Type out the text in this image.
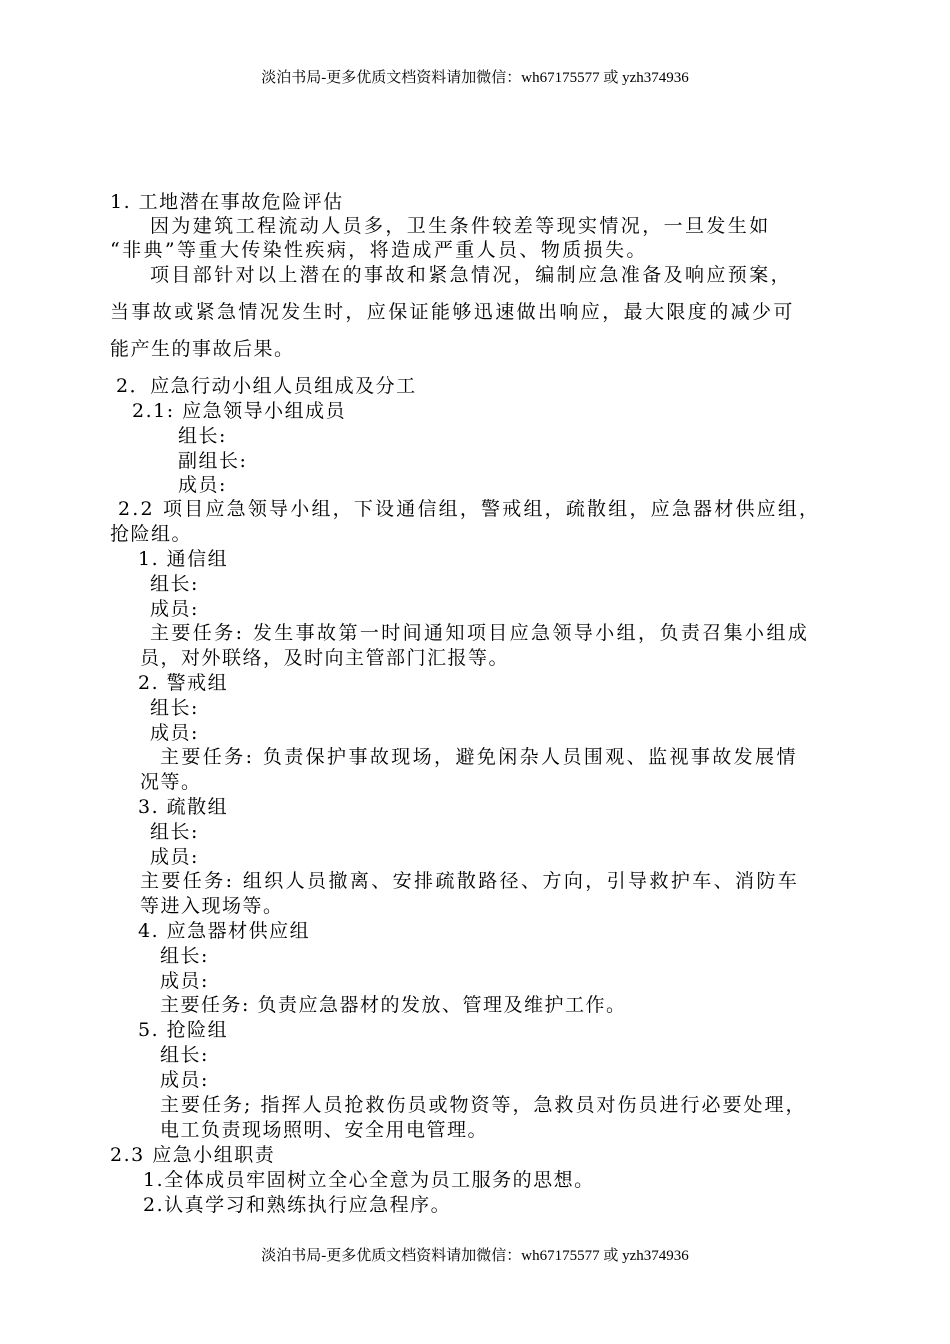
淡泊书局-更多优质文档资料请加微信：wh67175577 或 yzh374936
1. 工地潜在事故危险评估
因为建筑工程流动人员多，卫生条件较差等现实情况，一旦发生如
“非典”等重大传染性疾病，将造成严重人员、物质损失。
项目部针对以上潜在的事故和紧急情况，编制应急准备及响应预案，
当事故或紧急情况发生时，应保证能够迅速做出响应，最大限度的减少可
能产生的事故后果。
2．应急行动小组人员组成及分工
2.1: 应急领导小组成员
组长:
副组长:
成员:
2.2 项目应急领导小组，下设通信组，警戒组，疏散组，应急器材供应组，
抢险组。
1. 通信组
组长:
成员:
主要任务: 发生事故第一时间通知项目应急领导小组，负责召集小组成
员，对外联络，及时向主管部门汇报等。
2. 警戒组
组长:
成员:
主要任务: 负责保护事故现场，避免闲杂人员围观、监视事故发展情
况等。
3. 疏散组
组长:
成员:
主要任务: 组织人员撤离、安排疏散路径、方向，引导救护车、消防车
等进入现场等。
4. 应急器材供应组
组长:
成员:
主要任务: 负责应急器材的发放、管理及维护工作。
5. 抢险组
组长:
成员:
主要任务; 指挥人员抢救伤员或物资等，急救员对伤员进行必要处理，
电工负责现场照明、安全用电管理。
2.3 应急小组职责
1.全体成员牢固树立全心全意为员工服务的思想。
2.认真学习和熟练执行应急程序。
淡泊书局-更多优质文档资料请加微信：wh67175577 或 yzh374936
